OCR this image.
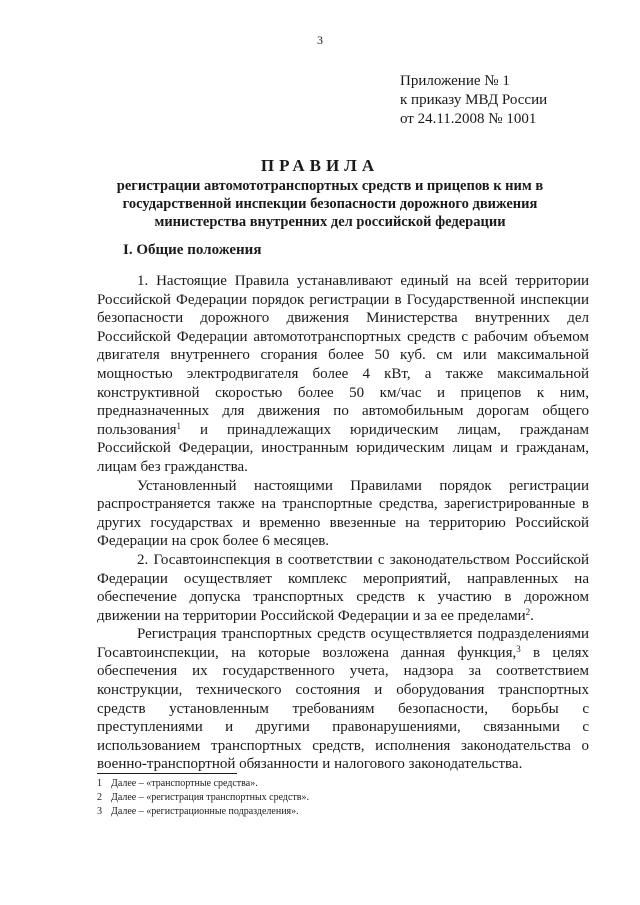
3
Приложение № 1
к приказу МВД России
от 24.11.2008 № 1001
ПРАВИЛА
регистрации автомототранспортных средств и прицепов к ним в
государственной инспекции безопасности дорожного движения
министерства внутренних дел российской федерации
I. Общие положения

1. Настоящие Правила устанавливают единый на всей территории Российской Федерации порядок регистрации в Государственной инспекции безопасности дорожного движения Министерства внутренних дел Российской Федерации автомототранспортных средств с рабочим объемом двигателя внутреннего сгорания более 50 куб. см или максимальной мощностью электродвигателя более 4 кВт, а также максимальной конструктивной скоростью более 50 км/час и прицепов к ним, предназначенных для движения по автомобильным дорогам общего пользования$^1$ и принадлежащих юридическим лицам, гражданам Российской Федерации, иностранным юридическим лицам и гражданам, лицам без гражданства.

Установленный настоящими Правилами порядок регистрации распространяется также на транспортные средства, зарегистрированные в других государствах и временно ввезенные на территорию Российской Федерации на срок более 6 месяцев.

2. Госавтоинспекция в соответствии с законодательством Российской Федерации осуществляет комплекс мероприятий, направленных на обеспечение допуска транспортных средств к участию в дорожном движении на территории Российской Федерации и за ее пределами$^2$.

Регистрация транспортных средств осуществляется подразделениями Госавтоинспекции, на которые возложена данная функция,$^3$ в целях обеспечения их государственного учета, надзора за соответствием конструкции, технического состояния и оборудования транспортных средств установленным требованиям безопасности, борьбы с преступлениями и другими правонарушениями, связанными с использованием транспортных средств, исполнения законодательства о военно-транспортной обязанности и налогового законодательства.

1 Далее – «транспортные средства».
2 Далее – «регистрация транспортных средств».
3 Далее – «регистрационные подразделения».
